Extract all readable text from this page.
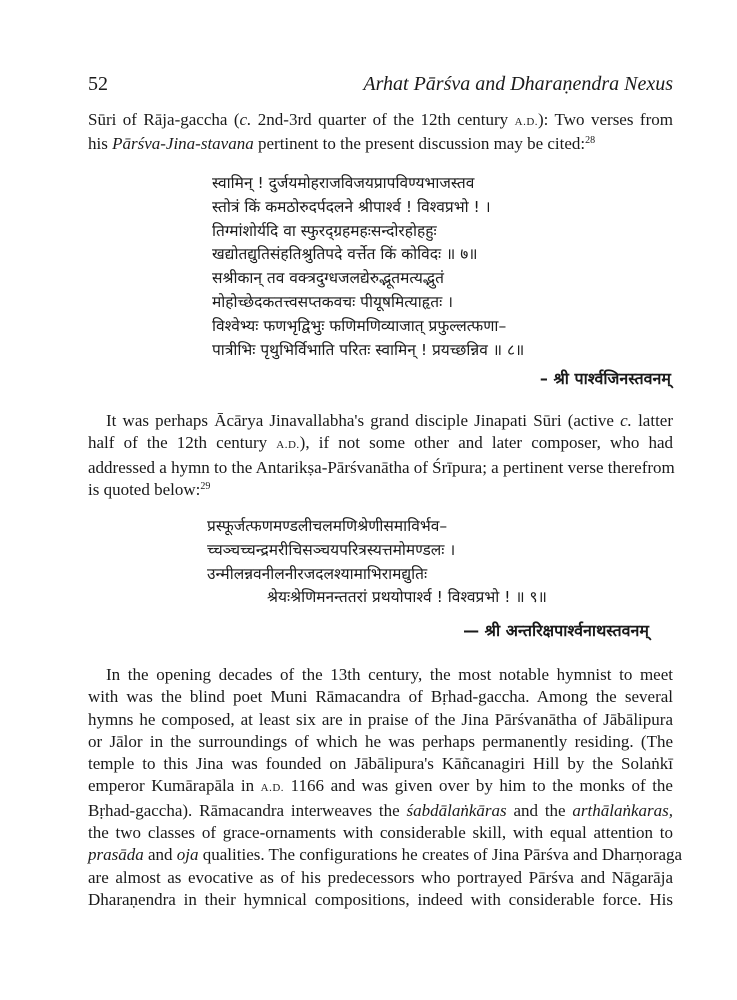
52	Arhat Pārśva and Dharaṇendra Nexus
Sūri of Rāja-gaccha (c. 2nd-3rd quarter of the 12th century A.D.): Two verses from
his Pārśva-Jina-stavana pertinent to the present discussion may be cited:$^{28}$
स्वामिन् ! दुर्जयमोहराजविजयप्रापविण्यभाजस्तव
स्तोत्रं किं कमठोरुदर्पदलने श्रीपार्श्व ! विश्वप्रभो ! ।
तिग्मांशोर्यदि वा स्फुरद्ग्रहमहःसन्दोरहोहहुः
खद्योतद्युतिसंहतिश्रुतिपदे वर्त्तेत किं कोविदः ॥ ७॥
सश्रीकान् तव वक्त्रदुग्धजलद्येरुद्भूतमत्यद्भुतं
मोहोच्छेदकतत्त्वसप्तकवचः पीयूषमित्याहृतः ।
विश्वेभ्यः फणभृद्विभुः फणिमणिव्याजात् प्रफुल्लत्फणा–
पात्रीभिः पृथुभिर्विभाति परितः स्वामिन् ! प्रयच्छन्निव ॥ ८॥
– श्री पार्श्वजिनस्तवनम्
It was perhaps Ācārya Jinavallabha's grand disciple Jinapati Sūri (active c. latter
half of the 12th century A.D.), if not some other and later composer, who had
addressed a hymn to the Antarikṣa-Pārśvanātha of Śrīpura; a pertinent verse therefrom
is quoted below:$^{29}$
प्रस्फूर्जत्फणमण्डलीचलमणिश्रेणीसमाविर्भव–
च्चञ्चच्चन्द्रमरीचिसञ्चयपरित्रस्यत्तमोमण्डलः ।
उन्मीलन्नवनीलनीरजदलश्यामाभिरामद्युतिः
श्रेयःश्रेणिमनन्ततरां प्रथयोपार्श्व ! विश्वप्रभो ! ॥ ९॥
— श्री अन्तरिक्षपार्श्वनाथस्तवनम्
In the opening decades of the 13th century, the most notable hymnist to meet
with was the blind poet Muni Rāmacandra of Bṛhad-gaccha. Among the several
hymns he composed, at least six are in praise of the Jina Pārśvanātha of Jābālipura
or Jālor in the surroundings of which he was perhaps permanently residing. (The
temple to this Jina was founded on Jābālipura's Kāñcanagiri Hill by the Solaṅkī
emperor Kumārapāla in A.D. 1166 and was given over by him to the monks of the
Bṛhad-gaccha). Rāmacandra interweaves the śabdālaṅkāras and the arthālaṅkaras,
the two classes of grace-ornaments with considerable skill, with equal attention to
prasāda and oja qualities. The configurations he creates of Jina Pārśva and Dharṇoraga
are almost as evocative as of his predecessors who portrayed Pārśva and Nāgarāja
Dharaṇendra in their hymnical compositions, indeed with considerable force. His
